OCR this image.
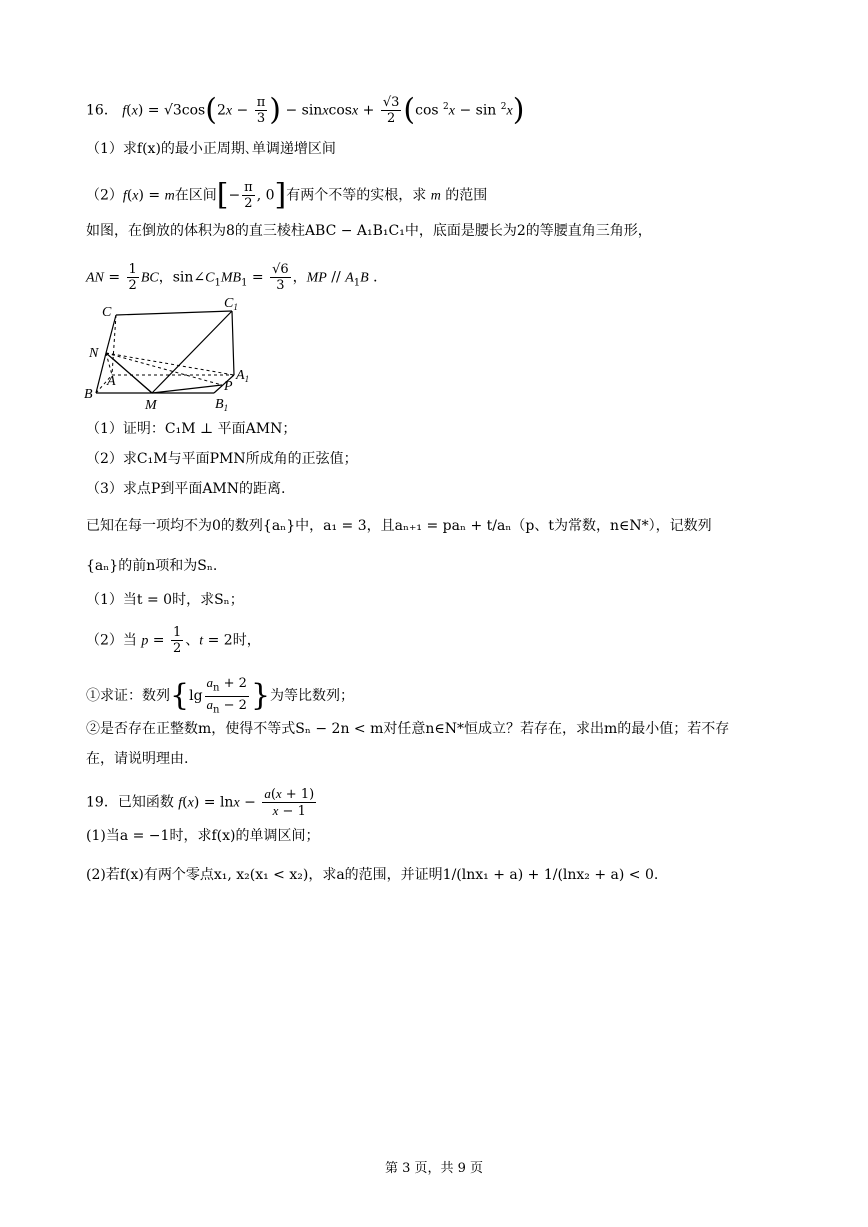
16． $f(x) = √3\cos(2x - \frac{\pi}{3}$ ) − sinxcosx + $\frac{√3}{2} (\cos$ $^2$x − sin $^2$x)
（1）求f(x)的最小正周期､单调递增区间
（2）f(x) = m在区间[− $\frac{\pi}{2}$ , 0]有两个不等的实根，求 m 的范围
如图，在倒放的体积为8的直三棱柱ABC − A₁B₁C₁中，底面是腰长为2的等腰直角三角形，
AN = $\frac{1}{2}$ BC，$\sin\angle C_1MB_1 = \frac{√6}{3}$ ，MP // $A_1B$ ．
C
$C_1$
N
A	$A_1$
B
M
P
$B_1$
（1）证明：C₁M ⊥ 平面AMN；
（2）求C₁M与平面PMN所成角的正弦值；
（3）求点P到平面AMN的距离.
已知在每一项均不为0的数列{aₙ}中，a₁ = 3，且aₙ₊₁ = paₙ + t/aₙ（p、t为常数，n∈N*），记数列
{aₙ}的前n项和为Sₙ.
（1）当t = 0时，求Sₙ；
（2）当 $p = \frac{1}{2}$ 、t = 2时，
①求证：数列{$\lg \frac{a_n + 2}{a_n - 2}$ }为等比数列；
②是否存在正整数m，使得不等式Sₙ − 2n < m对任意n∈N*恒成立？若存在，求出m的最小值；若不存
在，请说明理由.
19．已知函数 $f(x) = \ln x - \frac{a(x + 1)}{x - 1}$
(1)当a = −1时，求f(x)的单调区间；
(2)若f(x)有两个零点x₁, x₂(x₁ < x₂)，求a的范围，并证明1/(lnx₁ + a) + 1/(lnx₂ + a) < 0.
第 3 页，共 9 页
